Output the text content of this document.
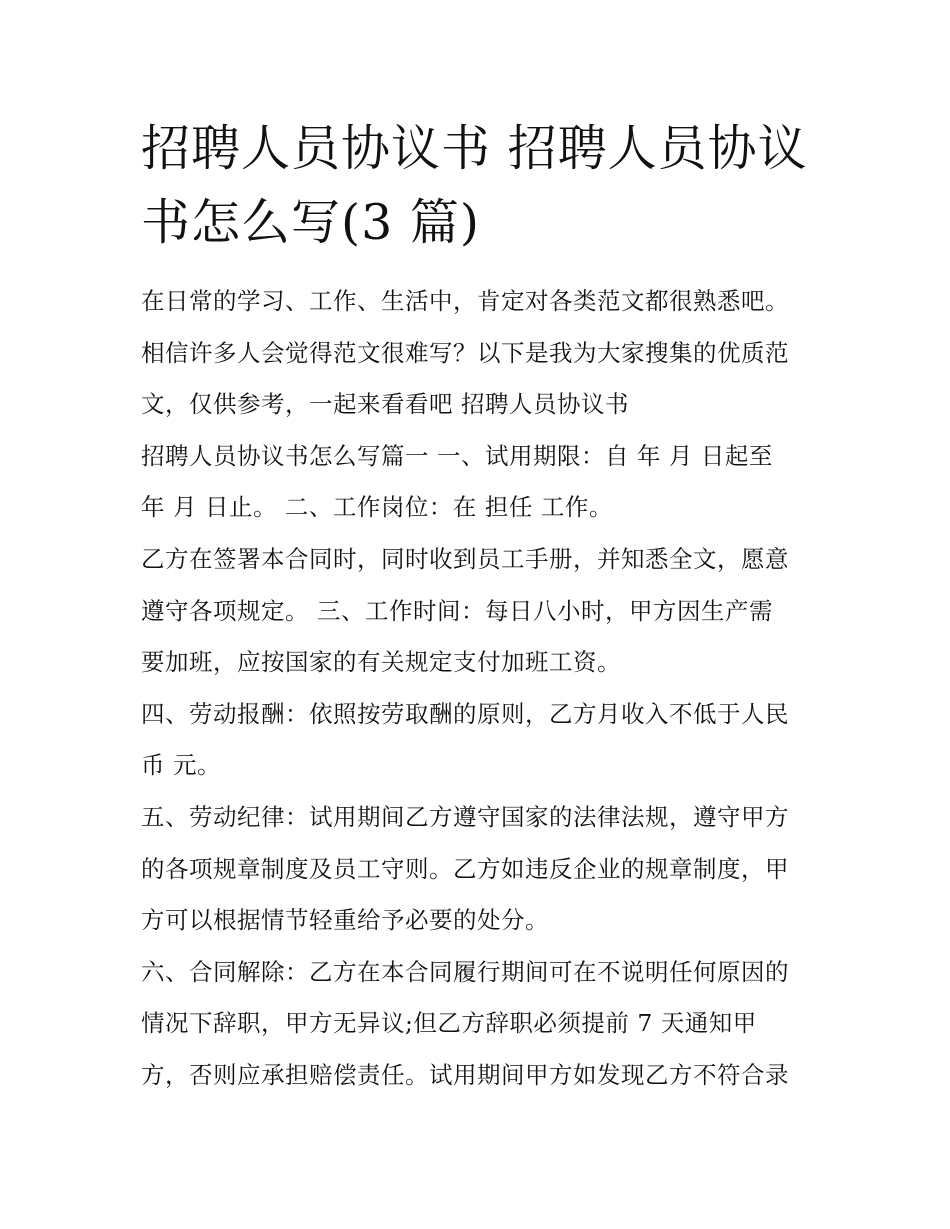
招聘人员协议书 招聘人员协议
书怎么写(3 篇)
在日常的学习、工作、生活中，肯定对各类范文都很熟悉吧。
相信许多人会觉得范文很难写？以下是我为大家搜集的优质范
文，仅供参考，一起来看看吧 招聘人员协议书
招聘人员协议书怎么写篇一 一、试用期限：自 年 月 日起至
年 月 日止。 二、工作岗位：在 担任 工作。
乙方在签署本合同时，同时收到员工手册，并知悉全文，愿意
遵守各项规定。 三、工作时间：每日八小时，甲方因生产需
要加班，应按国家的有关规定支付加班工资。
四、劳动报酬：依照按劳取酬的原则，乙方月收入不低于人民
币 元。
五、劳动纪律：试用期间乙方遵守国家的法律法规，遵守甲方
的各项规章制度及员工守则。乙方如违反企业的规章制度，甲
方可以根据情节轻重给予必要的处分。
六、合同解除：乙方在本合同履行期间可在不说明任何原因的
情况下辞职，甲方无异议;但乙方辞职必须提前 7 天通知甲
方，否则应承担赔偿责任。试用期间甲方如发现乙方不符合录
